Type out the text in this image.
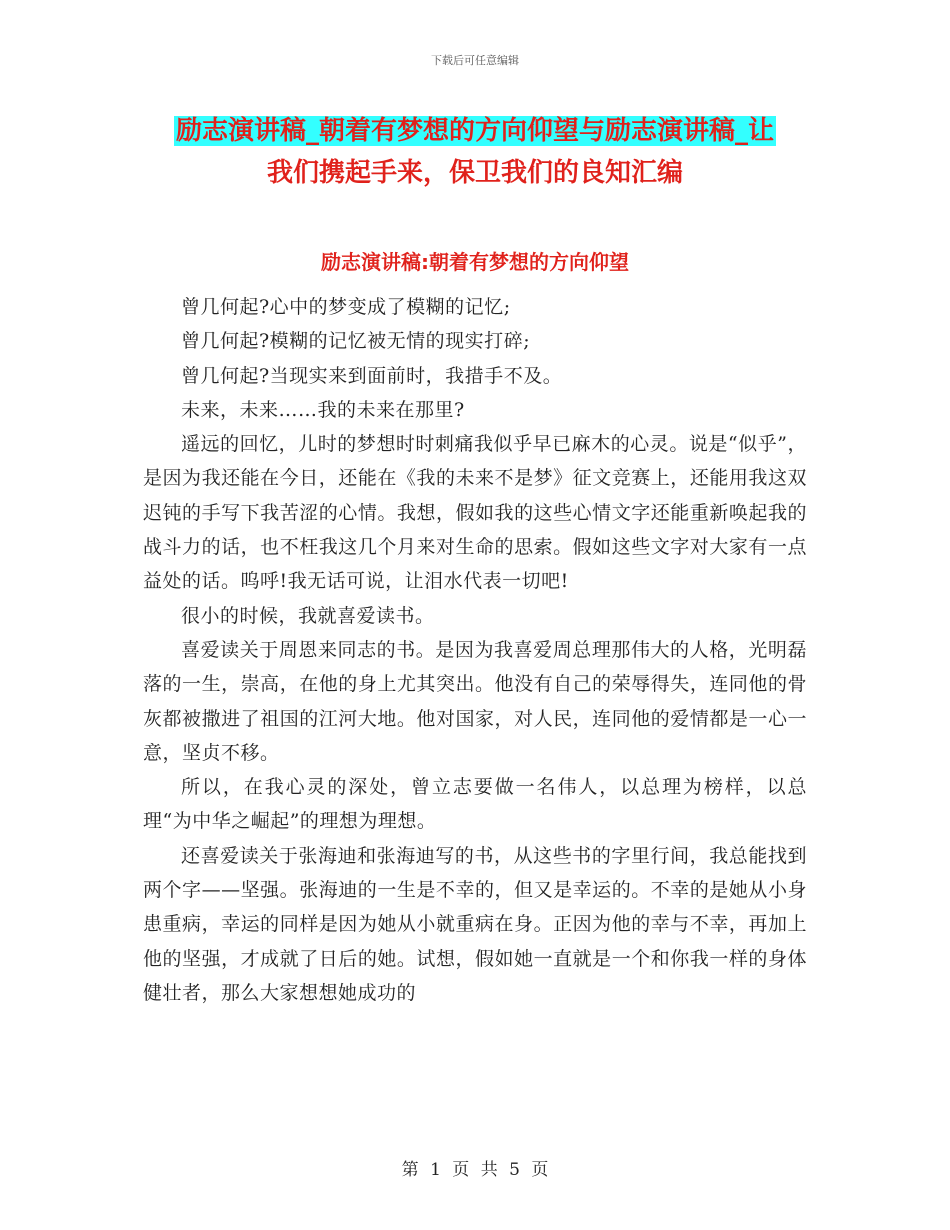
下载后可任意编辑
励志演讲稿_朝着有梦想的方向仰望与励志演讲稿_让
我们携起手来，保卫我们的良知汇编
励志演讲稿:朝着有梦想的方向仰望

曾几何起?心中的梦变成了模糊的记忆;

曾几何起?模糊的记忆被无情的现实打碎;

曾几何起?当现实来到面前时，我措手不及。

未来，未来……我的未来在那里?

遥远的回忆，儿时的梦想时时刺痛我似乎早已麻木的心灵。说是“似乎”，是因为我还能在今日，还能在《我的未来不是梦》征文竞赛上，还能用我这双迟钝的手写下我苦涩的心情。我想，假如我的这些心情文字还能重新唤起我的战斗力的话，也不枉我这几个月来对生命的思索。假如这些文字对大家有一点益处的话。呜呼!我无话可说，让泪水代表一切吧!

很小的时候，我就喜爱读书。

喜爱读关于周恩来同志的书。是因为我喜爱周总理那伟大的人格，光明磊落的一生，崇高，在他的身上尤其突出。他没有自己的荣辱得失，连同他的骨灰都被撒进了祖国的江河大地。他对国家，对人民，连同他的爱情都是一心一意，坚贞不移。

所以，在我心灵的深处，曾立志要做一名伟人，以总理为榜样，以总理“为中华之崛起”的理想为理想。

还喜爱读关于张海迪和张海迪写的书，从这些书的字里行间，我总能找到两个字——坚强。张海迪的一生是不幸的，但又是幸运的。不幸的是她从小身患重病，幸运的同样是因为她从小就重病在身。正因为他的幸与不幸，再加上他的坚强，才成就了日后的她。试想，假如她一直就是一个和你我一样的身体健壮者，那么大家想想她成功的

第 1 页 共 5 页
